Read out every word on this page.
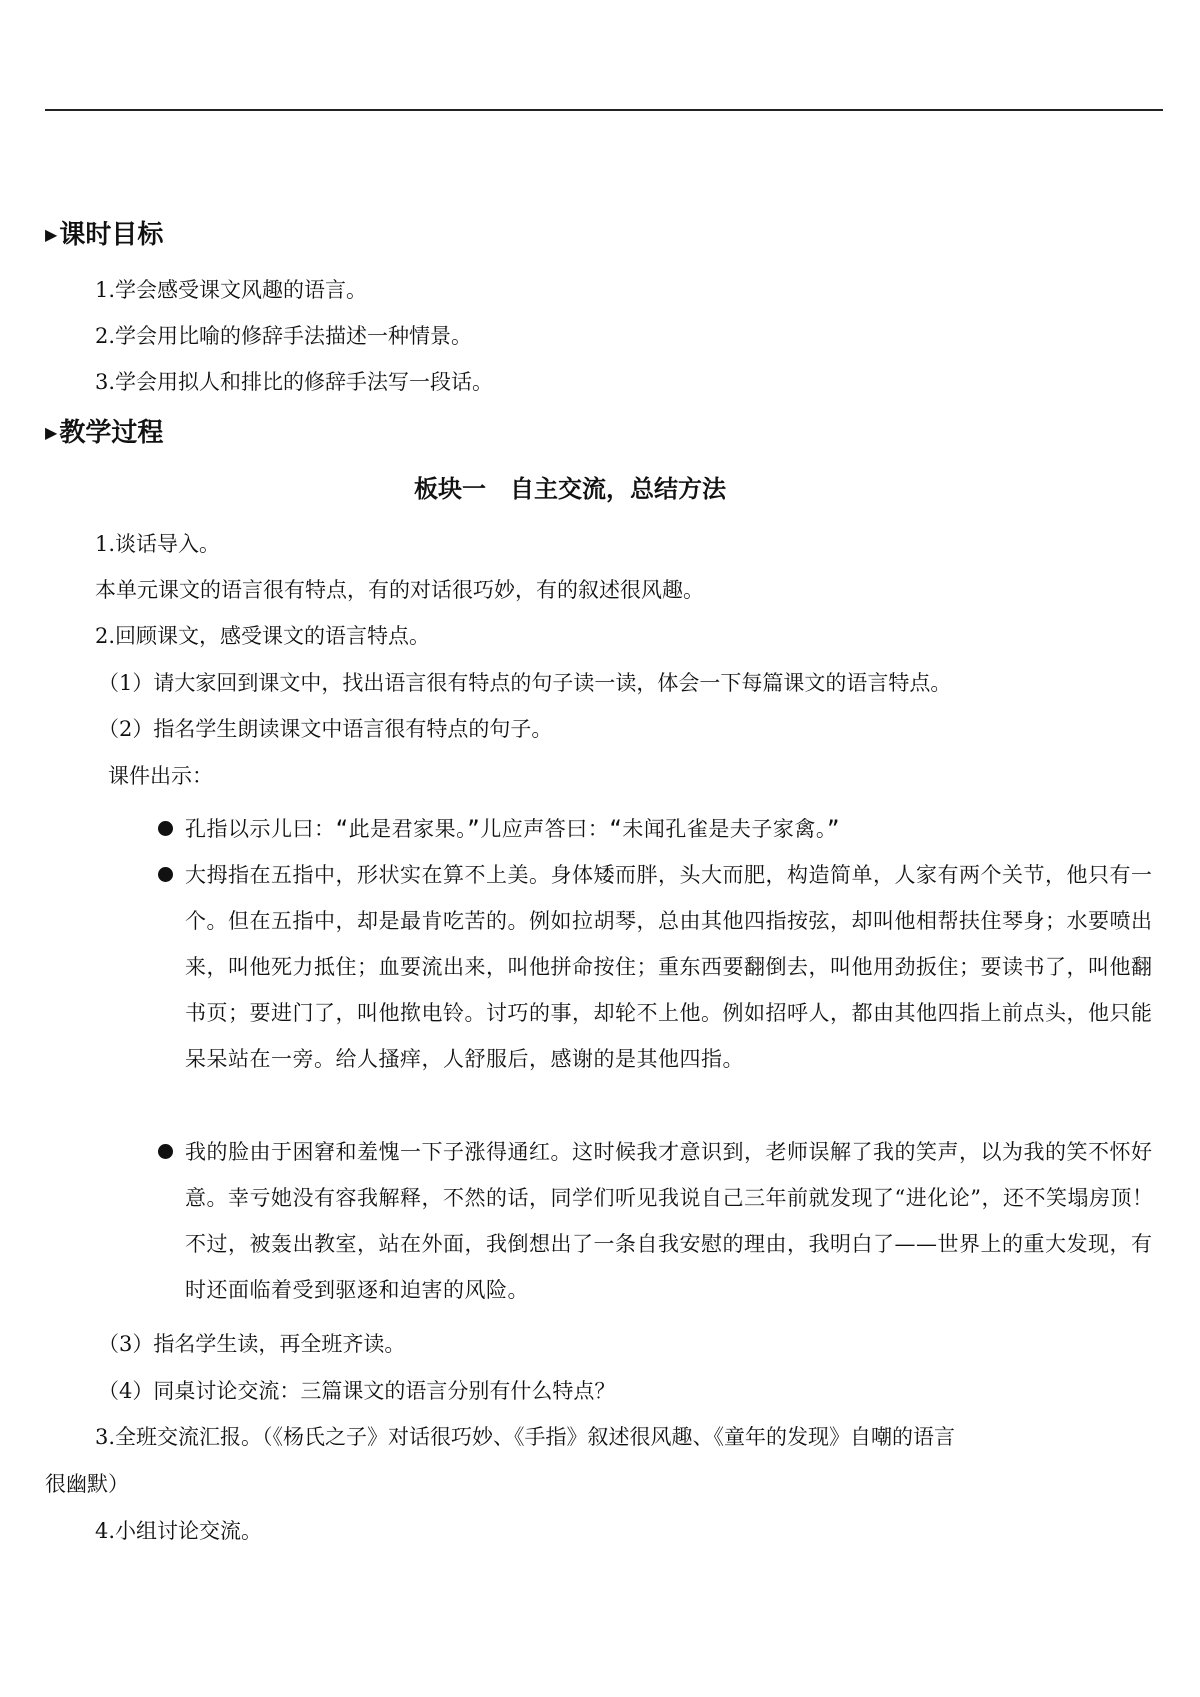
▶课时目标
1.学会感受课文风趣的语言。
2.学会用比喻的修辞手法描述一种情景。
3.学会用拟人和排比的修辞手法写一段话。
▶教学过程
板块一　自主交流，总结方法
1.谈话导入。
本单元课文的语言很有特点，有的对话很巧妙，有的叙述很风趣。
2.回顾课文，感受课文的语言特点。
（1）请大家回到课文中，找出语言很有特点的句子读一读，体会一下每篇课文的语言特点。
（2）指名学生朗读课文中语言很有特点的句子。
课件出示：
孔指以示儿曰：“此是君家果。”儿应声答曰：“未闻孔雀是夫子家禽。”
大拇指在五指中，形状实在算不上美。身体矮而胖，头大而肥，构造简单，人家有两个关节，他只有一个。但在五指中，却是最肯吃苦的。例如拉胡琴，总由其他四指按弦，却叫他相帮扶住琴身；水要喷出来，叫他死力抵住；血要流出来，叫他拼命按住；重东西要翻倒去，叫他用劲扳住；要读书了，叫他翻书页；要进门了，叫他揿电铃。讨巧的事，却轮不上他。例如招呼人，都由其他四指上前点头，他只能呆呆站在一旁。给人搔痒，人舒服后，感谢的是其他四指。
我的脸由于困窘和羞愧一下子涨得通红。这时候我才意识到，老师误解了我的笑声，以为我的笑不怀好意。幸亏她没有容我解释，不然的话，同学们听见我说自己三年前就发现了“进化论”，还不笑塌房顶！不过，被轰出教室，站在外面，我倒想出了一条自我安慰的理由，我明白了——世界上的重大发现，有时还面临着受到驱逐和迫害的风险。
（3）指名学生读，再全班齐读。
（4）同桌讨论交流：三篇课文的语言分别有什么特点？
3.全班交流汇报。（《杨氏之子》对话很巧妙、《手指》叙述很风趣、《童年的发现》自嘲的语言
很幽默）
4.小组讨论交流。
